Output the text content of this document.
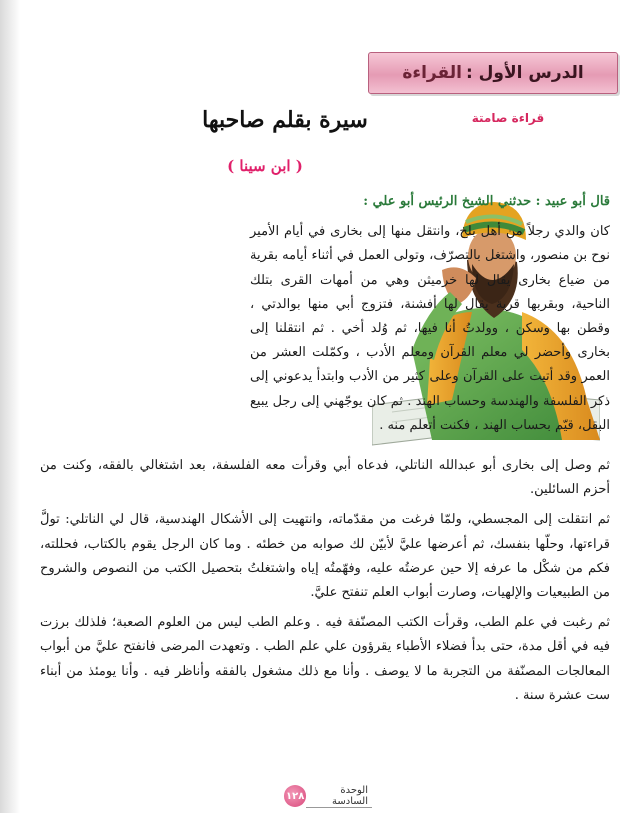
الدرس الأول :
القراءة
قراءة صامتة
سيرة بقلم صاحبها
( ابن سينا )

قال أبو عبيد : حدثني الشيخ الرئيس أبو علي :

كان والدي رجلاً من أهل بلخ، وانتقل منها إلى بخارى في أيام الأمير نوح بن منصور، واشتغل بالتصرّف، وتولى العمل في أثناء أيامه بقرية من ضياع بخارى يقال لها خرميثن وهي من أمهات القرى بتلك الناحية، وبقربها قرية يقال لها أفشنة، فتزوج أبي منها بوالدتي ، وقطن بها وسكن ، وولدتُ أنا فيها، ثم وُلد أخي . ثم انتقلنا إلى بخارى وأحضر لي معلم القرآن ومعلم الأدب ، وكمّلت العشر من العمر وقد أتيت على القرآن وعلى كثير من الأدب وابتدأ يدعوني إلى ذكر الفلسفة والهندسة وحساب الهند . ثم كان يوجّهني إلى رجل يبيع البقل، قيّم بحساب الهند ، فكنت أتعلم منه .

ثم وصل إلى بخارى أبو عبدالله الناتلي، فدعاه أبي وقرأت معه الفلسفة، بعد اشتغالي بالفقه، وكنت من أحزم السائلين.

ثم انتقلت إلى المجسطي، ولمّا فرغت من مقدّماته، وانتهيت إلى الأشكال الهندسية، قال لي الناتلي: تولَّ قراءتها، وحلّها بنفسك، ثم أعرضها عليَّ لأبيّن لك صوابه من خطئه . وما كان الرجل يقوم بالكتاب، فحللته، فكم من شكْل ما عرفه إلا حين عرضتُه عليه، وفهّمتُه إياه واشتغلتُ بتحصيل الكتب من النصوص والشروح من الطبيعيات والإلهيات، وصارت أبواب العلم تنفتح عليَّ.

ثم رغبت في علم الطب، وقرأت الكتب المصنّفة فيه . وعلم الطب ليس من العلوم الصعبة؛ فلذلك برزت فيه في أقل مدة، حتى بدأ فضلاء الأطباء يقرؤون علي علم الطب . وتعهدت المرضى فانفتح عليَّ من أبواب المعالجات المصنّفة من التجربة ما لا يوصف . وأنا مع ذلك مشغول بالفقه وأناظر فيه . وأنا يومئذ من أبناء ست عشرة سنة .

الوحدة السادسة
١٢٨
